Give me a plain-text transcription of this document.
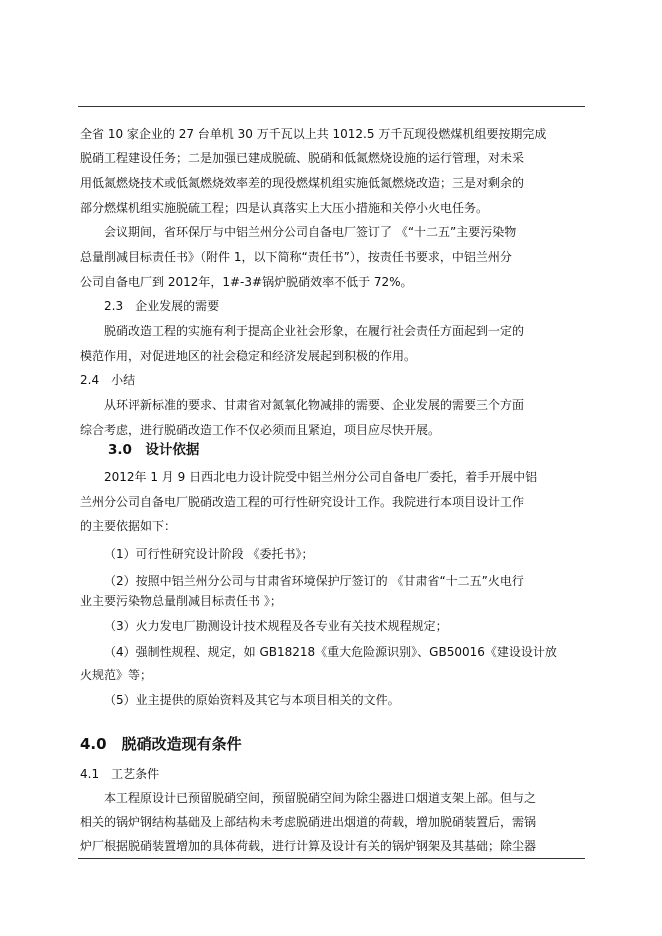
全省 10 家企业的 27 台单机 30 万千瓦以上共 1012.5 万千瓦现役燃煤机组要按期完成
脱硝工程建设任务；二是加强已建成脱硫、脱硝和低氮燃烧设施的运行管理，对未采
用低氮燃烧技术或低氮燃烧效率差的现役燃煤机组实施低氮燃烧改造；三是对剩余的
部分燃煤机组实施脱硫工程；四是认真落实上大压小措施和关停小火电任务。
会议期间，省环保厅与中铝兰州分公司自备电厂签订了 《“十二五”主要污染物
总量削减目标责任书》（附件 1，以下简称“责任书”），按责任书要求，中铝兰州分
公司自备电厂到 2012年，1#-3#锅炉脱硝效率不低于 72%。
2.3　企业发展的需要
脱硝改造工程的实施有利于提高企业社会形象，在履行社会责任方面起到一定的
模范作用，对促进地区的社会稳定和经济发展起到积极的作用。
2.4　小结
从环评新标准的要求、甘肃省对氮氧化物减排的需要、企业发展的需要三个方面
综合考虑，进行脱硝改造工作不仅必须而且紧迫，项目应尽快开展。
3.0　设计依据
2012年 1 月 9 日西北电力设计院受中铝兰州分公司自备电厂委托，着手开展中铝
兰州分公司自备电厂脱硝改造工程的可行性研究设计工作。我院进行本项目设计工作
的主要依据如下：
（1）可行性研究设计阶段 《委托书》；
（2）按照中铝兰州分公司与甘肃省环境保护厅签订的 《甘肃省“十二五”火电行
业主要污染物总量削减目标责任书 》；
（3）火力发电厂勘测设计技术规程及各专业有关技术规程规定；
（4）强制性规程、规定，如 GB18218《重大危险源识别》、GB50016《建设设计放
火规范》等；
（5）业主提供的原始资料及其它与本项目相关的文件。
4.0　脱硝改造现有条件
4.1　工艺条件
本工程原设计已预留脱硝空间，预留脱硝空间为除尘器进口烟道支架上部。但与之
相关的锅炉钢结构基础及上部结构未考虑脱硝进出烟道的荷载，增加脱硝装置后，需锅
炉厂根据脱硝装置增加的具体荷载，进行计算及设计有关的锅炉钢架及其基础；除尘器
